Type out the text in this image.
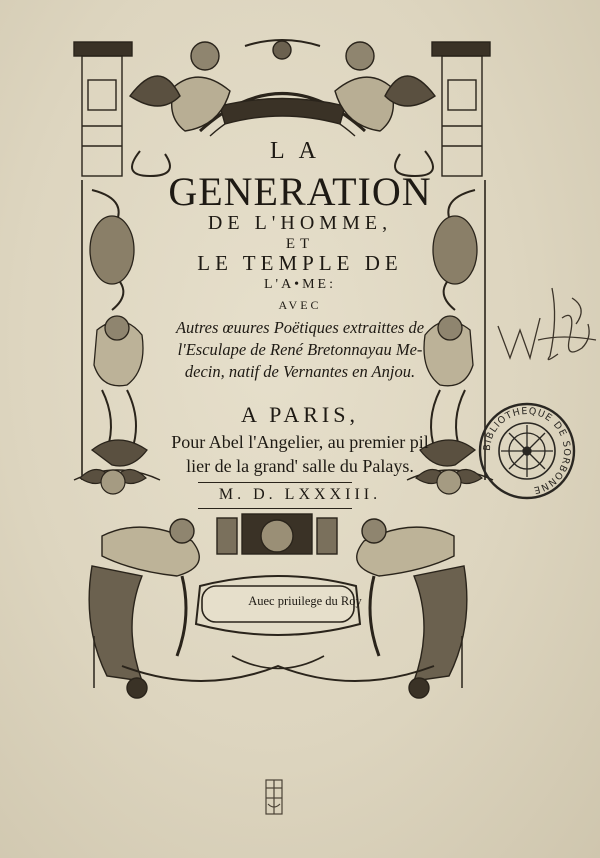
LA
GENERATION
DE L'HOMME,
ET
LE TEMPLE DE
L'A•ME:
AVEC
Autres œuures Poëtiques extraittes de
l'Esculape de René Bretonnayau Me-
decin, natif de Vernantes en Anjou.
A PARIS,
Pour Abel l'Angelier, au premier pil
lier de la grand' salle du Palays.
M. D. LXXXIII.
Auec priuilege du Roy
BIBLIOTHEQUE DE SORBONNE
